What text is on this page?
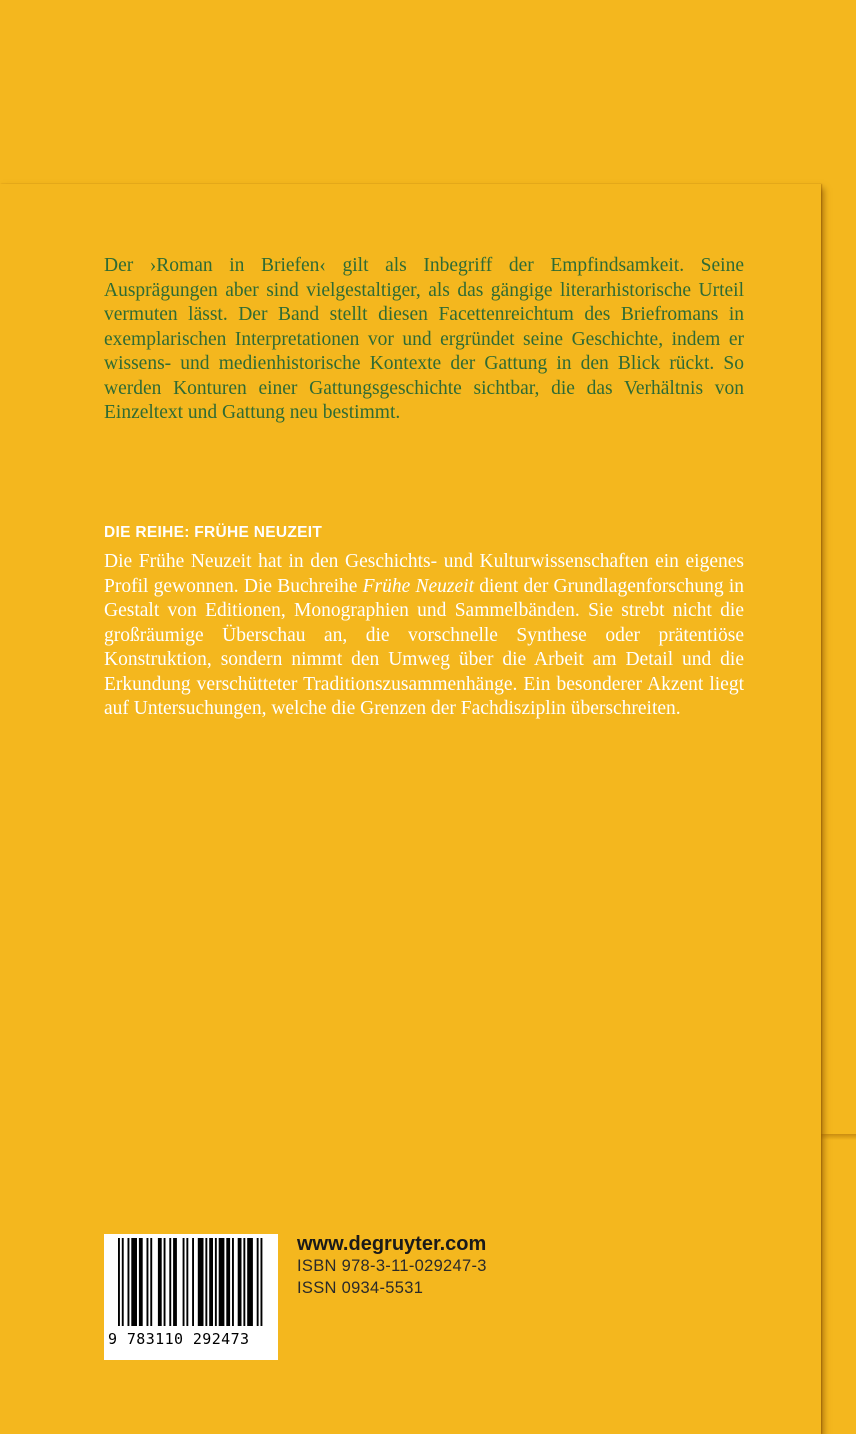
Der ›Roman in Briefen‹ gilt als Inbegriff der Empfindsamkeit. Seine Ausprägungen aber sind vielgestaltiger, als das gängige literarhistorische Urteil vermuten lässt. Der Band stellt diesen Facettenreichtum des Briefromans in exemplarischen Interpretationen vor und ergründet seine Geschichte, indem er wissens- und medienhistorische Kontexte der Gattung in den Blick rückt. So werden Konturen einer Gattungsgeschichte sichtbar, die das Verhältnis von Einzeltext und Gattung neu bestimmt.

DIE REIHE: FRÜHE NEUZEIT

Die Frühe Neuzeit hat in den Geschichts- und Kulturwissenschaften ein eigenes Profil gewonnen. Die Buchreihe Frühe Neuzeit dient der Grundlagenforschung in Gestalt von Editionen, Monographien und Sammelbänden. Sie strebt nicht die großräumige Überschau an, die vorschnelle Synthese oder prätentiöse Konstruktion, sondern nimmt den Umweg über die Arbeit am Detail und die Erkundung verschütteter Traditionszusammenhänge. Ein besonderer Akzent liegt auf Untersuchungen, welche die Grenzen der Fachdisziplin überschreiten.

9 783110 292473

www.degruyter.com

ISBN 978-3-11-029247-3

ISSN 0934-5531
